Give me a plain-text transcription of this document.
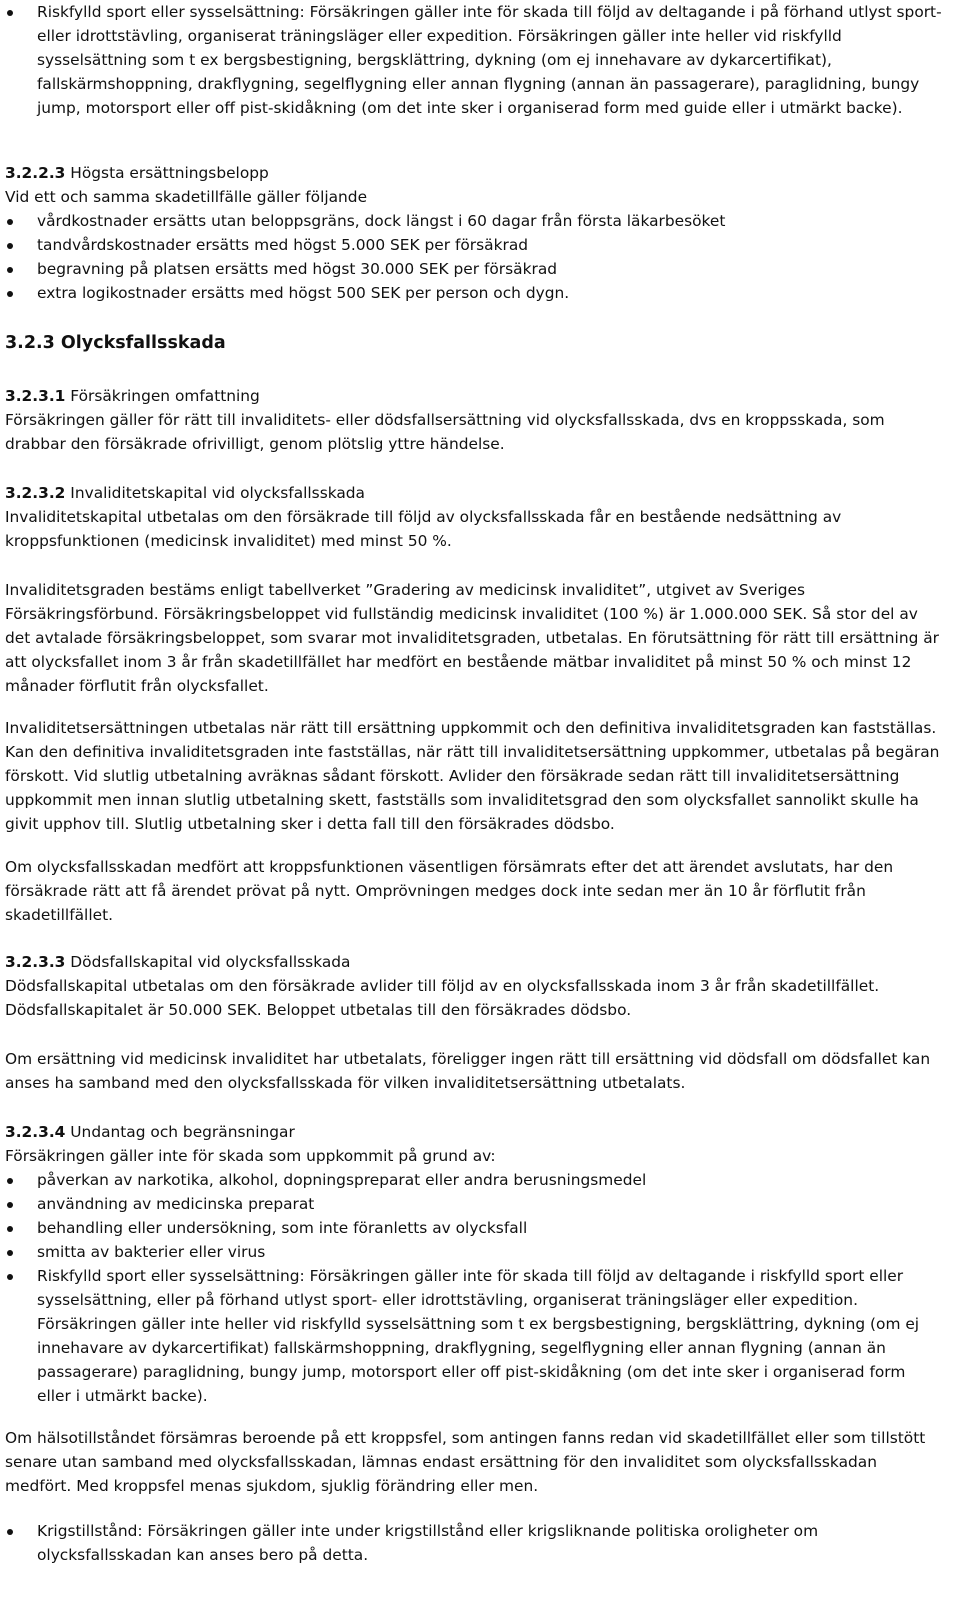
Riskfylld sport eller sysselsättning: Försäkringen gäller inte för skada till följd av deltagande i på förhand utlyst sport- eller idrottstävling, organiserat träningsläger eller expedition. Försäkringen gäller inte heller vid riskfylld sysselsättning som t ex bergsbestigning, bergsklättring, dykning (om ej innehavare av dykarcertifikat), fallskärmshoppning, drakflygning, segelflygning eller annan flygning (annan än passagerare), paraglidning, bungy jump, motorsport eller off pist-skidåkning (om det inte sker i organiserad form med guide eller i utmärkt backe).

3.2.2.3 Högsta ersättningsbelopp

Vid ett och samma skadetillfälle gäller följande

vårdkostnader ersätts utan beloppsgräns, dock längst i 60 dagar från första läkarbesöket
tandvårdskostnader ersätts med högst 5.000 SEK per försäkrad
begravning på platsen ersätts med högst 30.000 SEK per försäkrad
extra logikostnader ersätts med högst 500 SEK per person och dygn.

3.2.3 Olycksfallsskada

3.2.3.1 Försäkringen omfattning

Försäkringen gäller för rätt till invaliditets- eller dödsfallsersättning vid olycksfallsskada, dvs en kroppsskada, som drabbar den försäkrade ofrivilligt, genom plötslig yttre händelse.

3.2.3.2 Invaliditetskapital vid olycksfallsskada

Invaliditetskapital utbetalas om den försäkrade till följd av olycksfallsskada får en bestående nedsättning av kroppsfunktionen (medicinsk invaliditet) med minst 50 %.

Invaliditetsgraden bestäms enligt tabellverket ”Gradering av medicinsk invaliditet”, utgivet av Sveriges Försäkringsförbund. Försäkringsbeloppet vid fullständig medicinsk invaliditet (100 %) är 1.000.000 SEK. Så stor del av det avtalade försäkringsbeloppet, som svarar mot invaliditetsgraden, utbetalas. En förutsättning för rätt till ersättning är att olycksfallet inom 3 år från skadetillfället har medfört en bestående mätbar invaliditet på minst 50 % och minst 12 månader förflutit från olycksfallet.

Invaliditetsersättningen utbetalas när rätt till ersättning uppkommit och den definitiva invaliditetsgraden kan fastställas. Kan den definitiva invaliditetsgraden inte fastställas, när rätt till invaliditetsersättning uppkommer, utbetalas på begäran förskott. Vid slutlig utbetalning avräknas sådant förskott. Avlider den försäkrade sedan rätt till invaliditetsersättning uppkommit men innan slutlig utbetalning skett, fastställs som invaliditetsgrad den som olycksfallet sannolikt skulle ha givit upphov till. Slutlig utbetalning sker i detta fall till den försäkrades dödsbo.

Om olycksfallsskadan medfört att kroppsfunktionen väsentligen försämrats efter det att ärendet avslutats, har den försäkrade rätt att få ärendet prövat på nytt. Omprövningen medges dock inte sedan mer än 10 år förflutit från skadetillfället.

3.2.3.3 Dödsfallskapital vid olycksfallsskada

Dödsfallskapital utbetalas om den försäkrade avlider till följd av en olycksfallsskada inom 3 år från skadetillfället. Dödsfallskapitalet är 50.000 SEK. Beloppet utbetalas till den försäkrades dödsbo.

Om ersättning vid medicinsk invaliditet har utbetalats, föreligger ingen rätt till ersättning vid dödsfall om dödsfallet kan anses ha samband med den olycksfallsskada för vilken invaliditetsersättning utbetalats.

3.2.3.4 Undantag och begränsningar

Försäkringen gäller inte för skada som uppkommit på grund av:

påverkan av narkotika, alkohol, dopningspreparat eller andra berusningsmedel
användning av medicinska preparat
behandling eller undersökning, som inte föranletts av olycksfall
smitta av bakterier eller virus
Riskfylld sport eller sysselsättning: Försäkringen gäller inte för skada till följd av deltagande i riskfylld sport eller sysselsättning, eller på förhand utlyst sport- eller idrottstävling, organiserat träningsläger eller expedition. Försäkringen gäller inte heller vid riskfylld sysselsättning som t ex bergsbestigning, bergsklättring, dykning (om ej innehavare av dykarcertifikat) fallskärmshoppning, drakflygning, segelflygning eller annan flygning (annan än passagerare) paraglidning, bungy jump, motorsport eller off pist-skidåkning (om det inte sker i organiserad form eller i utmärkt backe).

Om hälsotillståndet försämras beroende på ett kroppsfel, som antingen fanns redan vid skadetillfället eller som tillstött senare utan samband med olycksfallsskadan, lämnas endast ersättning för den invaliditet som olycksfallsskadan medfört. Med kroppsfel menas sjukdom, sjuklig förändring eller men.

Krigstillstånd: Försäkringen gäller inte under krigstillstånd eller krigsliknande politiska oroligheter om olycksfallsskadan kan anses bero på detta.
